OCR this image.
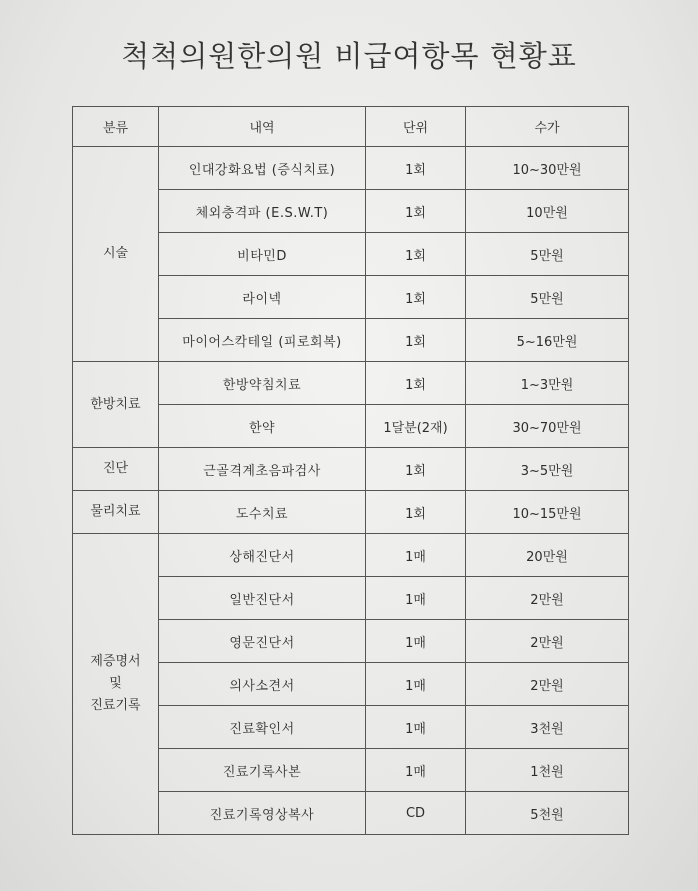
척척의원한의원 비급여항목 현황표
분류	내역	단위	수가

시술	인대강화요법 (증식치료)	1회	10~30만원
	체외충격파 (E.S.W.T)	1회	10만원
	비타민D	1회	5만원
	라이넥	1회	5만원
	마이어스칵테일 (피로회복)	1회	5~16만원

한방치료	한방약침치료	1회	1~3만원
	한약	1달분(2재)	30~70만원

진단	근골격계초음파검사	1회	3~5만원

물리치료	도수치료	1회	10~15만원

제증명서
및
진료기록	상해진단서	1매	20만원
	일반진단서	1매	2만원
	영문진단서	1매	2만원
	의사소견서	1매	2만원
	진료확인서	1매	3천원
	진료기록사본	1매	1천원
	진료기록영상복사	CD	5천원
